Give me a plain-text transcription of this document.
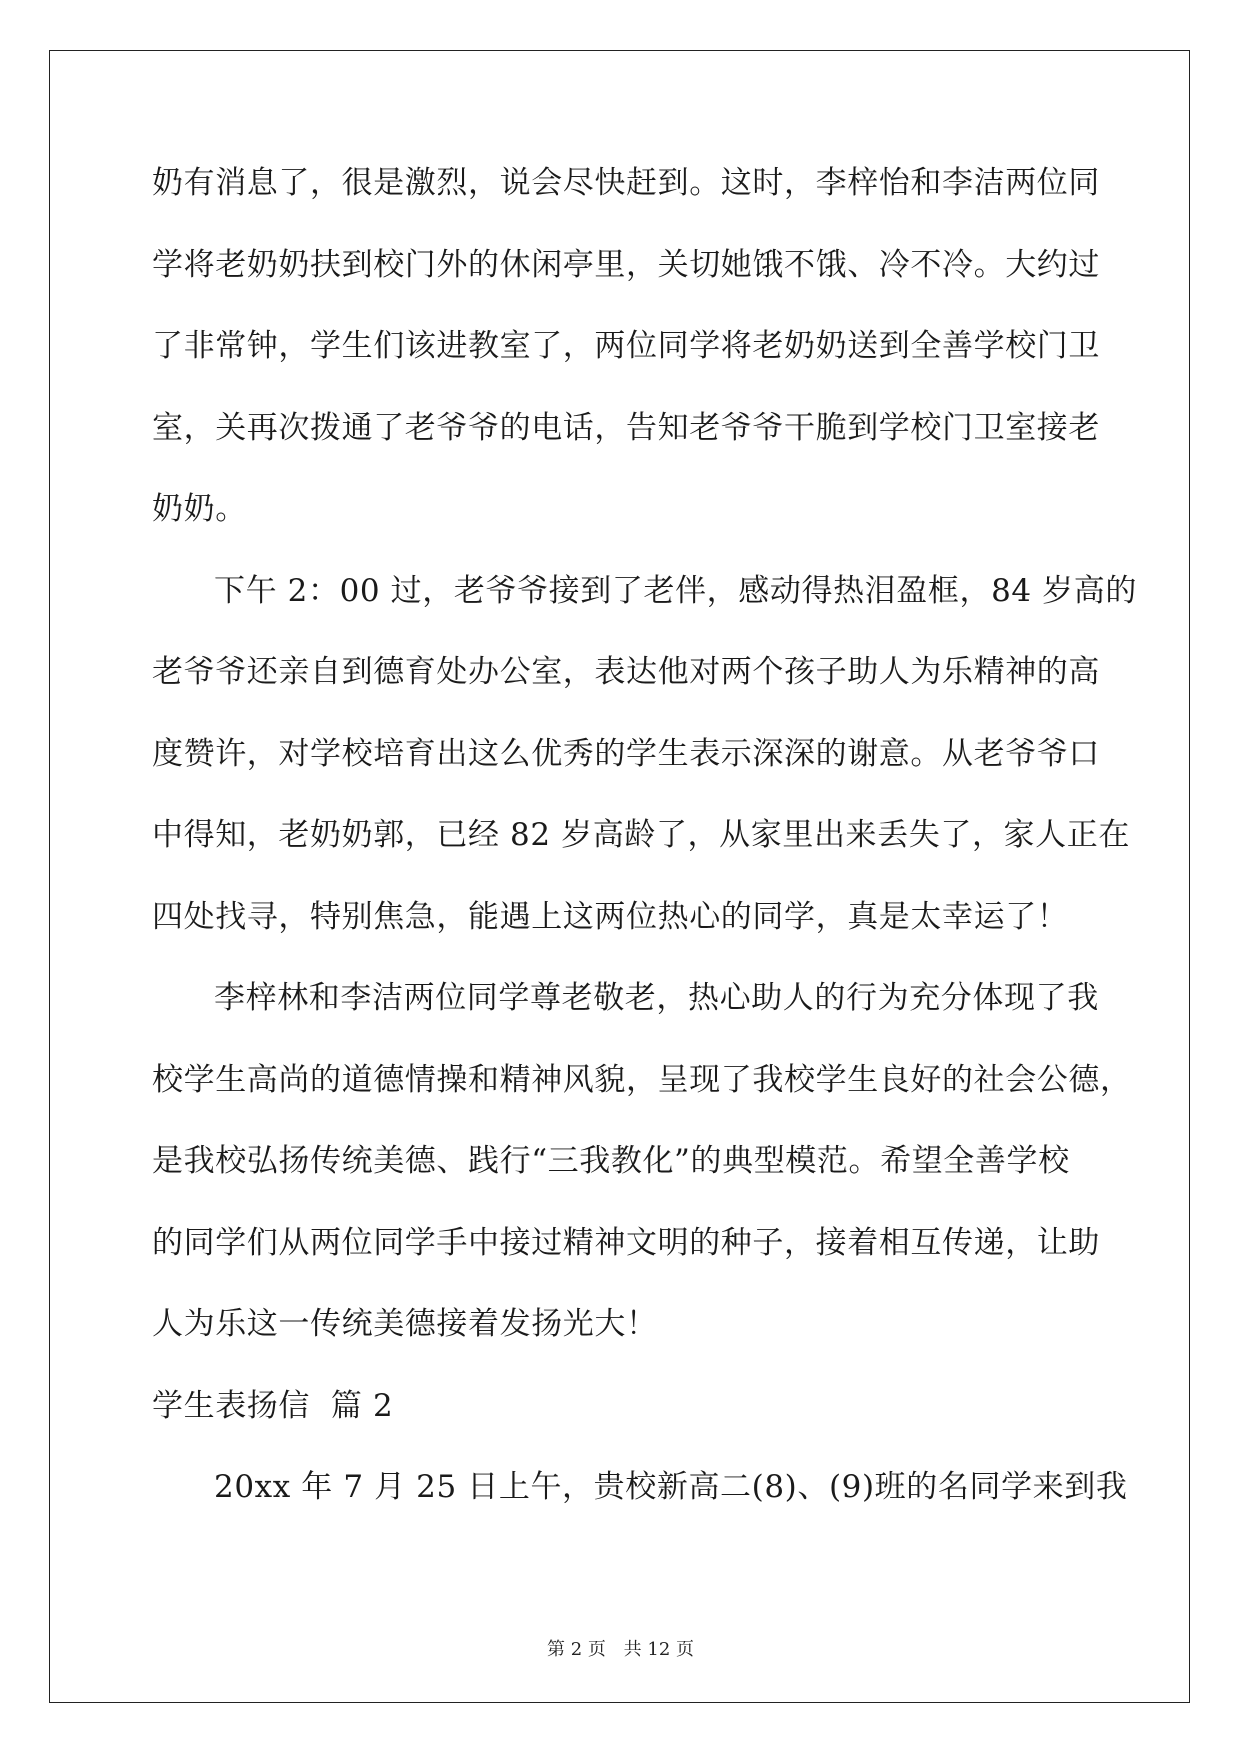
奶有消息了，很是激烈，说会尽快赶到。这时，李梓怡和李洁两位同
学将老奶奶扶到校门外的休闲亭里，关切她饿不饿、冷不冷。大约过
了非常钟，学生们该进教室了，两位同学将老奶奶送到全善学校门卫
室，关再次拨通了老爷爷的电话，告知老爷爷干脆到学校门卫室接老
奶奶。
下午 2：00 过，老爷爷接到了老伴，感动得热泪盈框，84 岁高的
老爷爷还亲自到德育处办公室，表达他对两个孩子助人为乐精神的高
度赞许，对学校培育出这么优秀的学生表示深深的谢意。从老爷爷口
中得知，老奶奶郭，已经 82 岁高龄了，从家里出来丢失了，家人正在
四处找寻，特别焦急，能遇上这两位热心的同学，真是太幸运了！
李梓林和李洁两位同学尊老敬老，热心助人的行为充分体现了我
校学生高尚的道德情操和精神风貌，呈现了我校学生良好的社会公德，
是我校弘扬传统美德、践行“三我教化”的典型模范。希望全善学校
的同学们从两位同学手中接过精神文明的种子，接着相互传递，让助
人为乐这一传统美德接着发扬光大！
学生表扬信  篇 2
20xx 年 7 月 25 日上午，贵校新高二(8)、(9)班的名同学来到我
第 2 页 共 12 页
